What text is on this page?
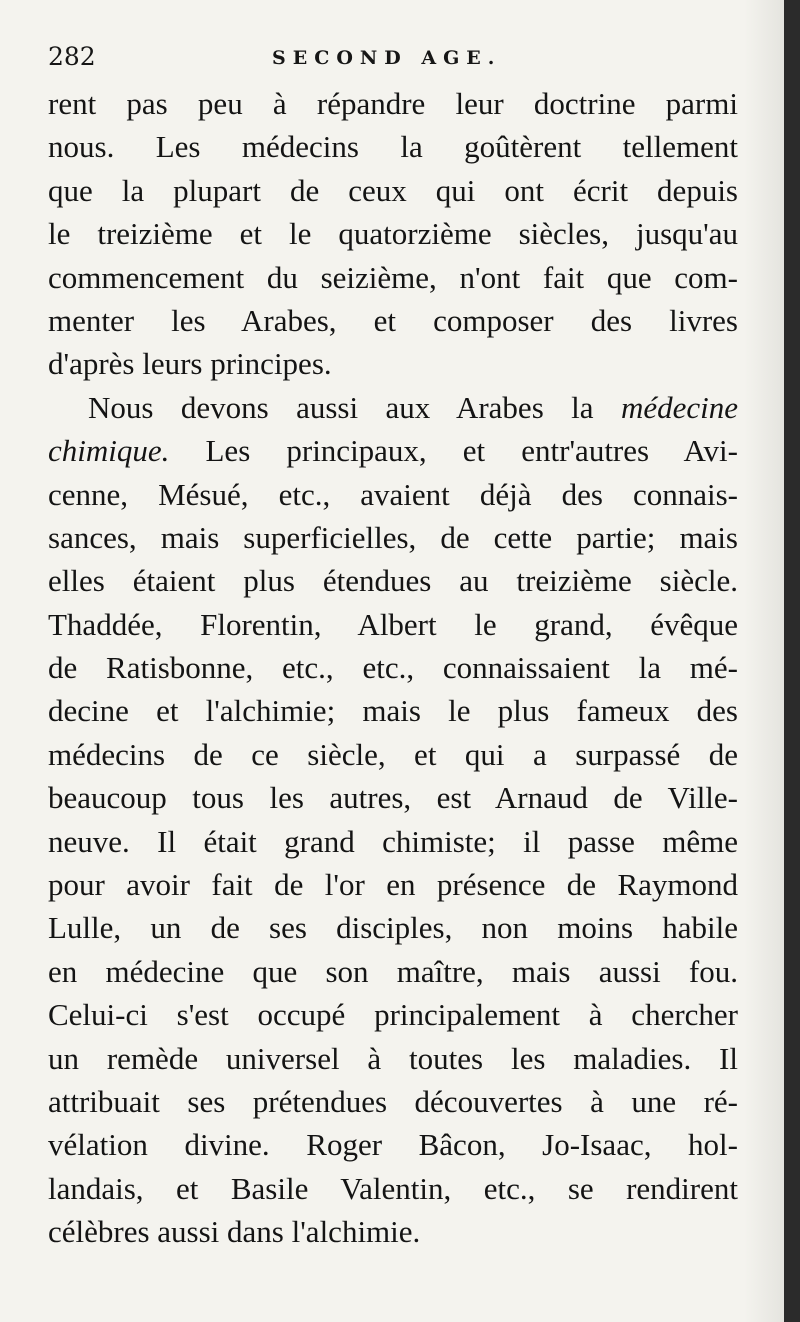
282	SECOND AGE.
rent pas peu à répandre leur doctrine parmi
nous. Les médecins la goûtèrent tellement
que la plupart de ceux qui ont écrit depuis
le treizième et le quatorzième siècles, jusqu'au
commencement du seizième, n'ont fait que com-
menter les Arabes, et composer des livres
d'après leurs principes.
Nous devons aussi aux Arabes la médecine
chimique. Les principaux, et entr'autres Avi-
cenne, Mésué, etc., avaient déjà des connais-
sances, mais superficielles, de cette partie; mais
elles étaient plus étendues au treizième siècle.
Thaddée, Florentin, Albert le grand, évêque
de Ratisbonne, etc., etc., connaissaient la mé-
decine et l'alchimie; mais le plus fameux des
médecins de ce siècle, et qui a surpassé de
beaucoup tous les autres, est Arnaud de Ville-
neuve. Il était grand chimiste; il passe même
pour avoir fait de l'or en présence de Raymond
Lulle, un de ses disciples, non moins habile
en médecine que son maître, mais aussi fou.
Celui-ci s'est occupé principalement à chercher
un remède universel à toutes les maladies. Il
attribuait ses prétendues découvertes à une ré-
vélation divine. Roger Bâcon, Jo-Isaac, hol-
landais, et Basile Valentin, etc., se rendirent
célèbres aussi dans l'alchimie.
